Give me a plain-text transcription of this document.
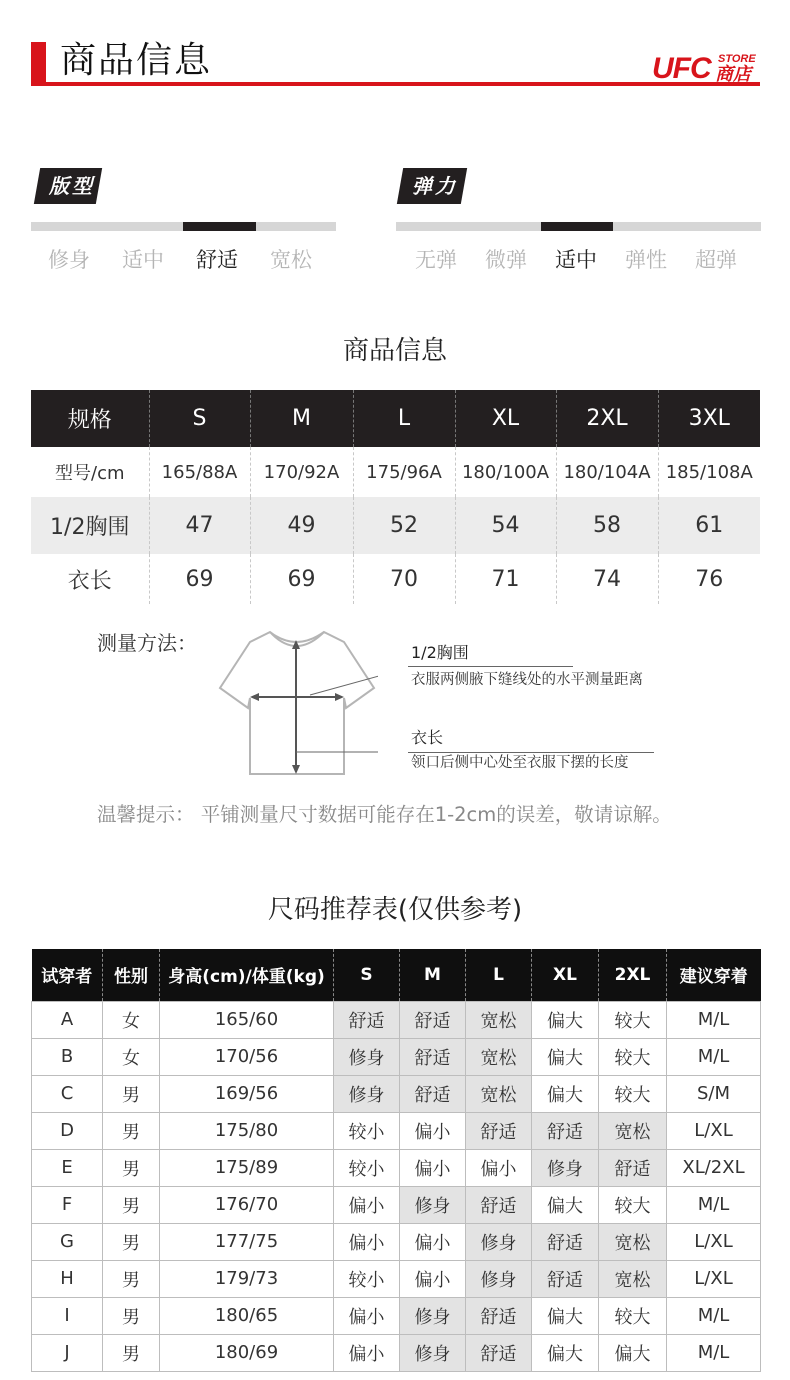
商品信息	UFC STORE
商店
版型
修身	适中	舒适	宽松
弹力
无弹	微弹	适中	弹性	超弹
商品信息
规格	S	M	L	XL	2XL	3XL
型号/cm	165/88A	170/92A	175/96A	180/100A	180/104A	185/108A
1/2胸围	47	49	52	54	58	61
衣长	69	69	70	71	74	76
测量方法：	1/2胸围
衣服两侧腋下缝线处的水平测量距离
衣长
领口后侧中心处至衣服下摆的长度
温馨提示： 平铺测量尺寸数据可能存在1-2cm的误差，敬请谅解。
尺码推荐表(仅供参考)
试穿者	性别	身高(cm)/体重(kg)	S	M	L	XL	2XL	建议穿着
A	女	165/60	舒适	舒适	宽松	偏大	较大	M/L
B	女	170/56	修身	舒适	宽松	偏大	较大	M/L
C	男	169/56	修身	舒适	宽松	偏大	较大	S/M
D	男	175/80	较小	偏小	舒适	舒适	宽松	L/XL
E	男	175/89	较小	偏小	偏小	修身	舒适	XL/2XL
F	男	176/70	偏小	修身	舒适	偏大	较大	M/L
G	男	177/75	偏小	偏小	修身	舒适	宽松	L/XL
H	男	179/73	较小	偏小	修身	舒适	宽松	L/XL
I	男	180/65	偏小	修身	舒适	偏大	较大	M/L
J	男	180/69	偏小	修身	舒适	偏大	偏大	M/L
